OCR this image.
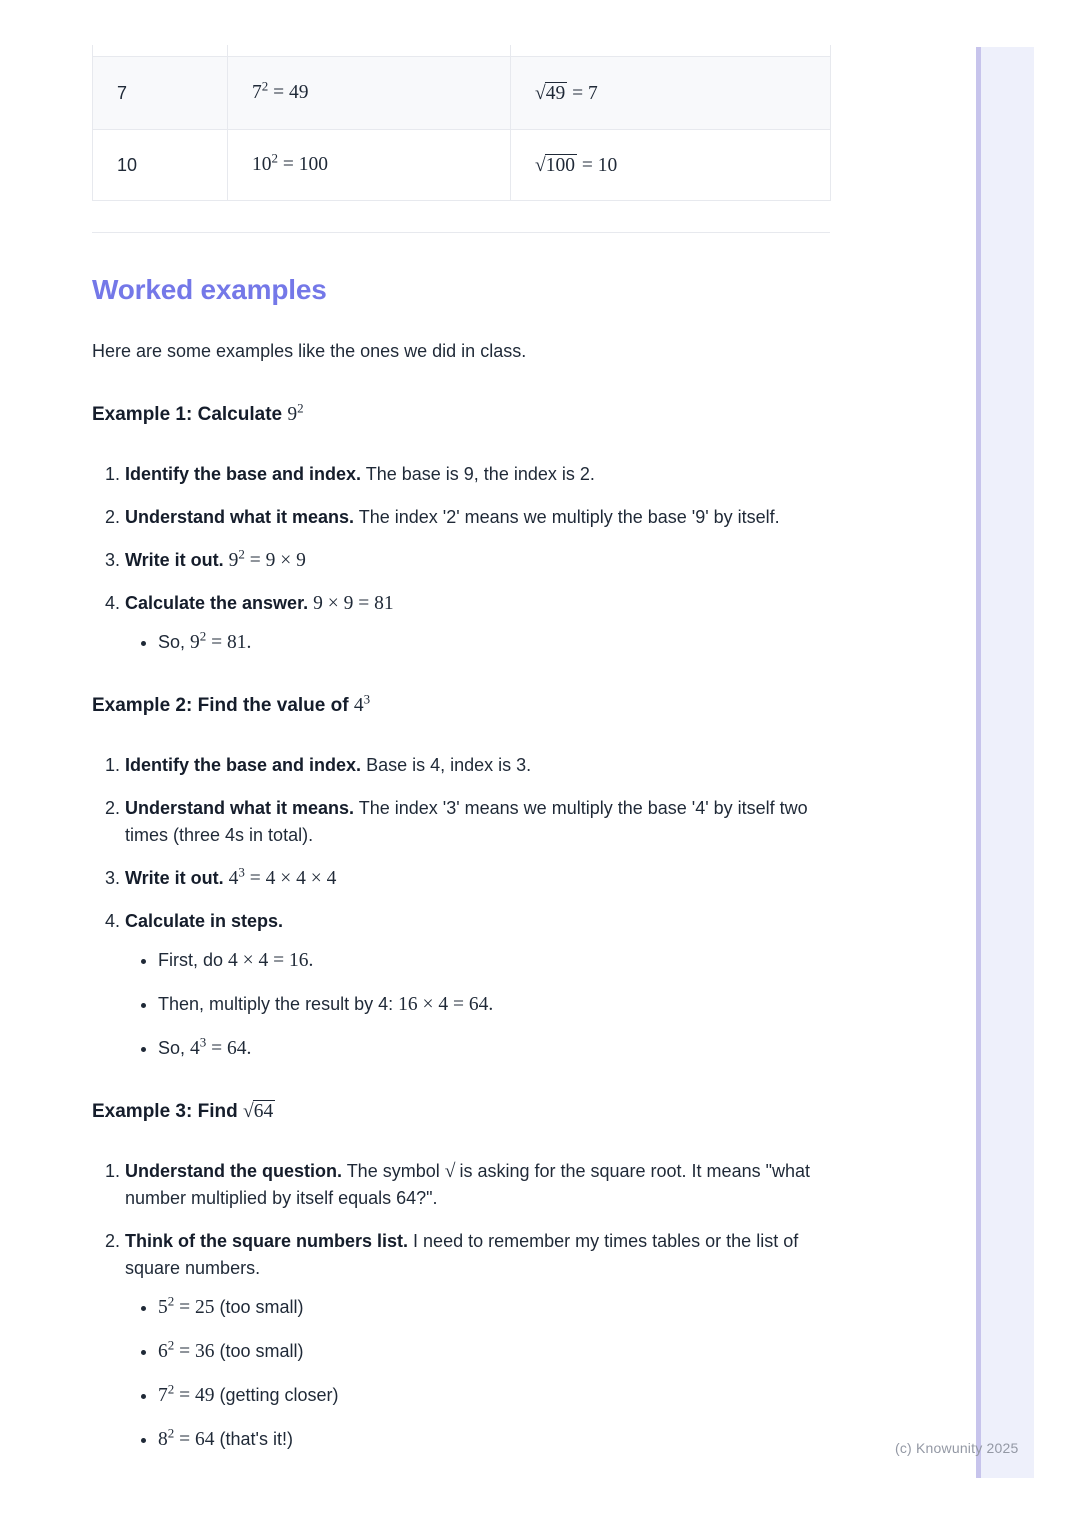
7	$7^2 = 49$	√49 = 7
10	$10^2 = 100$	√100 = 10
Worked examples

Here are some examples like the ones we did in class.

Example 1: Calculate $9^2$
1. Identify the base and index. The base is 9, the index is 2.
2. Understand what it means. The index '2' means we multiply the base '9' by itself.
3. Write it out. $9^2 = 9 \times 9$
4. Calculate the answer. 9 × 9 = 81
• So, $9^2 = 81$.
Example 2: Find the value of $4^3$
1. Identify the base and index. Base is 4, index is 3.
2. Understand what it means. The index '3' means we multiply the base '4' by itself two times (three 4s in total).
3. Write it out. $4^3 = 4 \times 4 \times 4$
4. Calculate in steps.
• First, do 4 × 4 = 16.
• Then, multiply the result by 4: 16 × 4 = 64.
• So, $4^3 = 64$.
Example 3: Find √64
1. Understand the question. The symbol √ is asking for the square root. It means "what number multiplied by itself equals 64?".
2. Think of the square numbers list. I need to remember my times tables or the list of square numbers.
• $5^2 = 25$ (too small)
• $6^2 = 36$ (too small)
• $7^2 = 49$ (getting closer)
• $8^2 = 64$ (that's it!)	(c) Knowunity 2025
